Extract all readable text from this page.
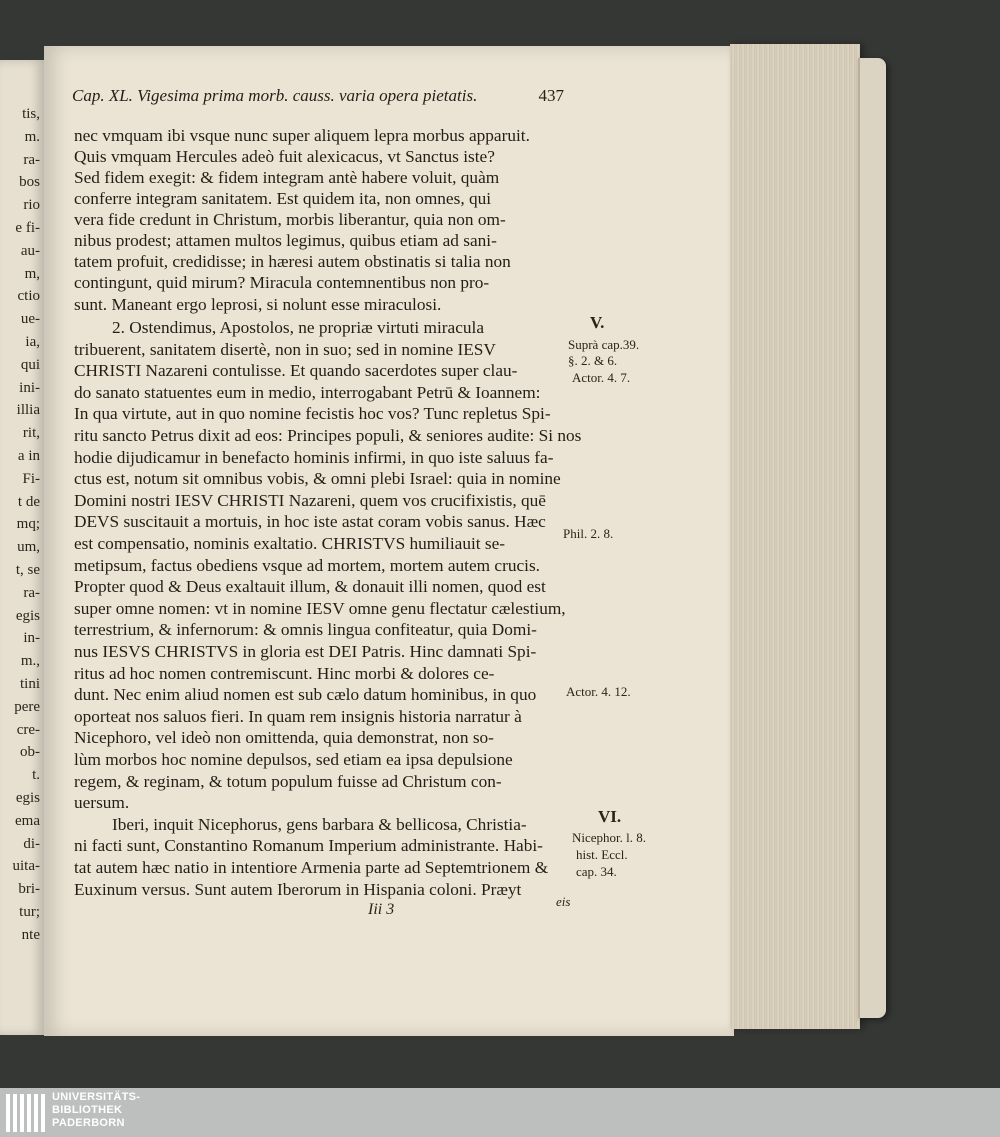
tis,
m.
ra-
bos
rio
e fi-
au-
m,
ctio
ue-
ia,
qui
ini-
illia
rit,
a in
Fi-
t de
mq;
um,
t, se
ra-
egis
in-
m.,
tini
pere
cre-
ob-
t.
egis
ema
di-
uita-
bri-
tur;
nte
Cap. XL. Vigesima prima morb. causs. varia opera pietatis.	437
nec vmquam ibi vsque nunc super aliquem lepra morbus apparuit.
Quis vmquam Hercules adeò fuit alexicacus, vt Sanctus iste?
Sed fidem exegit: & fidem integram antè habere voluit, quàm
conferre integram sanitatem. Est quidem ita, non omnes, qui
vera fide credunt in Christum, morbis liberantur, quia non om-
nibus prodest; attamen multos legimus, quibus etiam ad sani-
tatem profuit, credidisse; in hæresi autem obstinatis si talia non
contingunt, quid mirum? Miracula contemnentibus non pro-
sunt. Maneant ergo leprosi, si nolunt esse miraculosi.
2. Ostendimus, Apostolos, ne propriæ virtuti miracula
tribuerent, sanitatem disertè, non in suo; sed in nomine IESV
CHRISTI Nazareni contulisse. Et quando sacerdotes super clau-
do sanato statuentes eum in medio, interrogabant Petrū & Ioannem:
In qua virtute, aut in quo nomine fecistis hoc vos? Tunc repletus Spi-
ritu sancto Petrus dixit ad eos: Principes populi, & seniores audite: Si nos
hodie dijudicamur in benefacto hominis infirmi, in quo iste saluus fa-
ctus est, notum sit omnibus vobis, & omni plebi Israel: quia in nomine
Domini nostri IESV CHRISTI Nazareni, quem vos crucifixistis, quē
DEVS suscitauit a mortuis, in hoc iste astat coram vobis sanus. Hæc
est compensatio, nominis exaltatio. CHRISTVS humiliauit se-
metipsum, factus obediens vsque ad mortem, mortem autem crucis.
Propter quod & Deus exaltauit illum, & donauit illi nomen, quod est
super omne nomen: vt in nomine IESV omne genu flectatur cælestium,
terrestrium, & infernorum: & omnis lingua confiteatur, quia Domi-
nus IESVS CHRISTVS in gloria est DEI Patris. Hinc damnati Spi-
ritus ad hoc nomen contremiscunt. Hinc morbi & dolores ce-
dunt. Nec enim aliud nomen est sub cælo datum hominibus, in quo
oporteat nos saluos fieri. In quam rem insignis historia narratur à
Nicephoro, vel ideò non omittenda, quia demonstrat, non so-
lùm morbos hoc nomine depulsos, sed etiam ea ipsa depulsione
regem, & reginam, & totum populum fuisse ad Christum con-
uersum.
Iberi, inquit Nicephorus, gens barbara & bellicosa, Christia-
ni facti sunt, Constantino Romanum Imperium administrante. Habi-
tat autem hæc natio in intentiore Armenia parte ad Septemtrionem &
Euxinum versus. Sunt autem Iberorum in Hispania coloni. Præyt
V.
Suprà cap.39.
§. 2. & 6.
Actor. 4. 7.
Phil. 2. 8.
Actor. 4. 12.
VI.
Nicephor. l. 8.
hist. Eccl.
cap. 34.
eis
Iii 3
UNIVERSITÄTS-
BIBLIOTHEK
PADERBORN
